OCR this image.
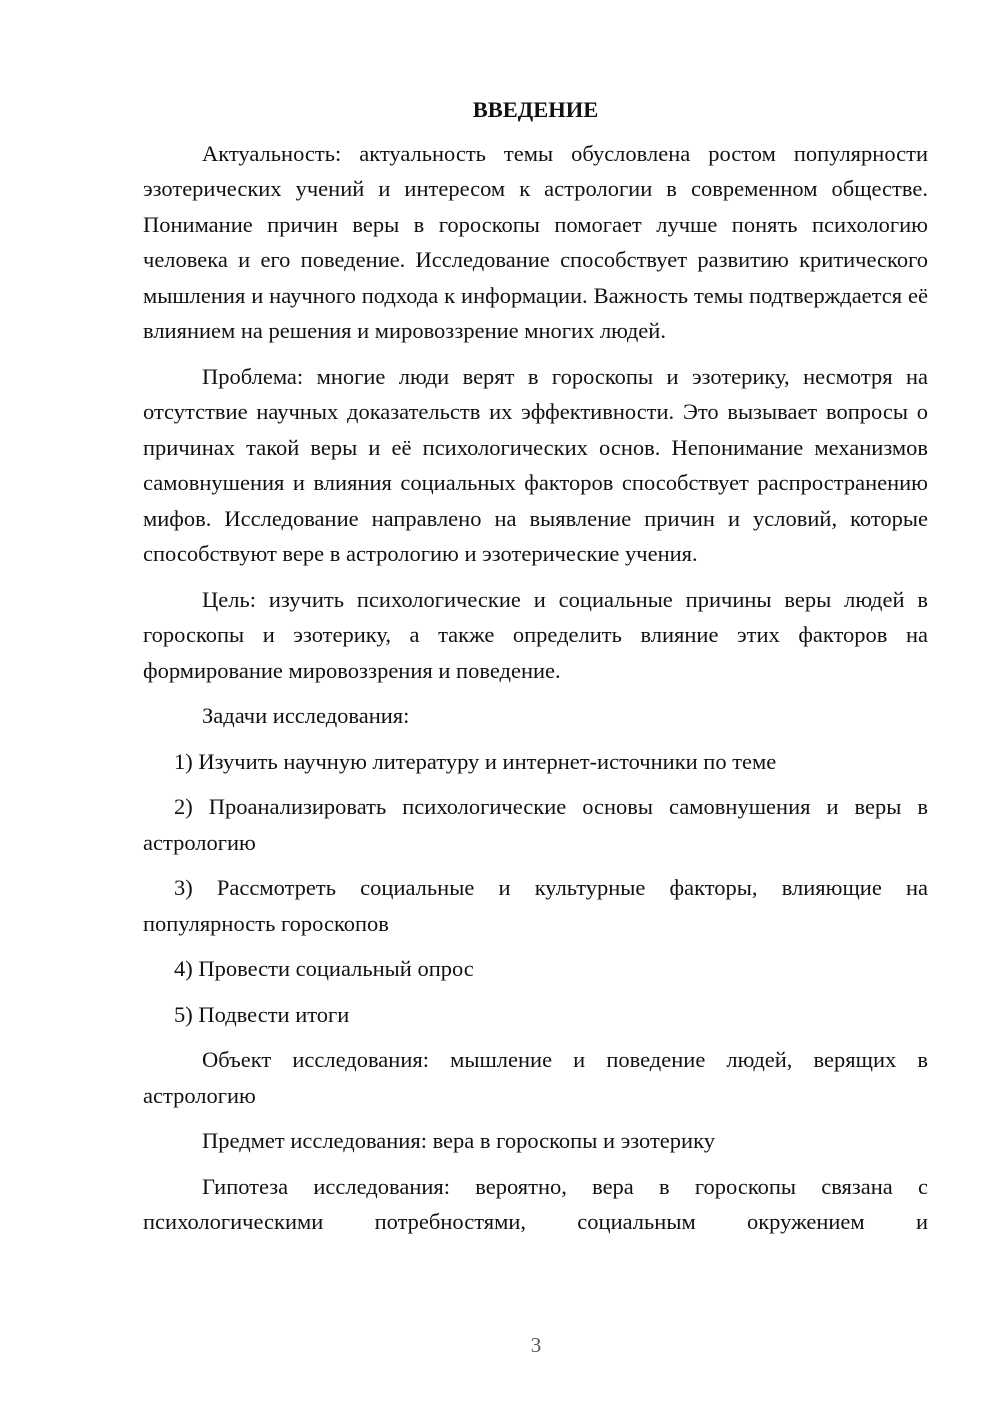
ВВЕДЕНИЕ

Актуальность: актуальность темы обусловлена ростом популярности эзотерических учений и интересом к астрологии в современном обществе. Понимание причин веры в гороскопы помогает лучше понять психологию человека и его поведение. Исследование способствует развитию критического мышления и научного подхода к информации. Важность темы подтверждается её влиянием на решения и мировоззрение многих людей.

Проблема: многие люди верят в гороскопы и эзотерику, несмотря на отсутствие научных доказательств их эффективности. Это вызывает вопросы о причинах такой веры и её психологических основ. Непонимание механизмов самовнушения и влияния социальных факторов способствует распространению мифов. Исследование направлено на выявление причин и условий, которые способствуют вере в астрологию и эзотерические учения.

Цель: изучить психологические и социальные причины веры людей в гороскопы и эзотерику, а также определить влияние этих факторов на формирование мировоззрения и поведение.

Задачи исследования:

1) Изучить научную литературу и интернет-источники по теме
2) Проанализировать психологические основы самовнушения и веры в астрологию
3) Рассмотреть социальные и культурные факторы, влияющие на популярность гороскопов
4) Провести социальный опрос
5) Подвести итоги

Объект исследования: мышление и поведение людей, верящих в астрологию

Предмет исследования: вера в гороскопы и эзотерику

Гипотеза исследования: вероятно, вера в гороскопы связана с психологическими потребностями, социальным окружением и

3
